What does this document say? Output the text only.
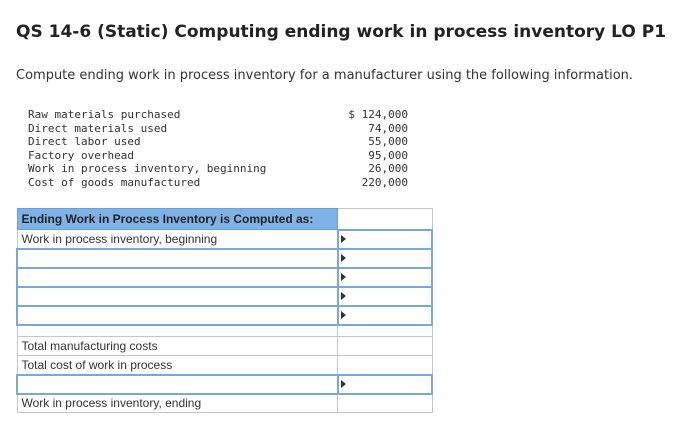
QS 14-6 (Static) Computing ending work in process inventory LO P1
Compute ending work in process inventory for a manufacturer using the following information.
Raw materials purchased	$ 124,000
Direct materials used	74,000
Direct labor used	55,000
Factory overhead	95,000
Work in process inventory, beginning	26,000
Cost of goods manufactured	220,000
Ending Work in Process Inventory is Computed as:	
Work in process inventory, beginning	

Total manufacturing costs	
Total cost of work in process	

Work in process inventory, ending	
